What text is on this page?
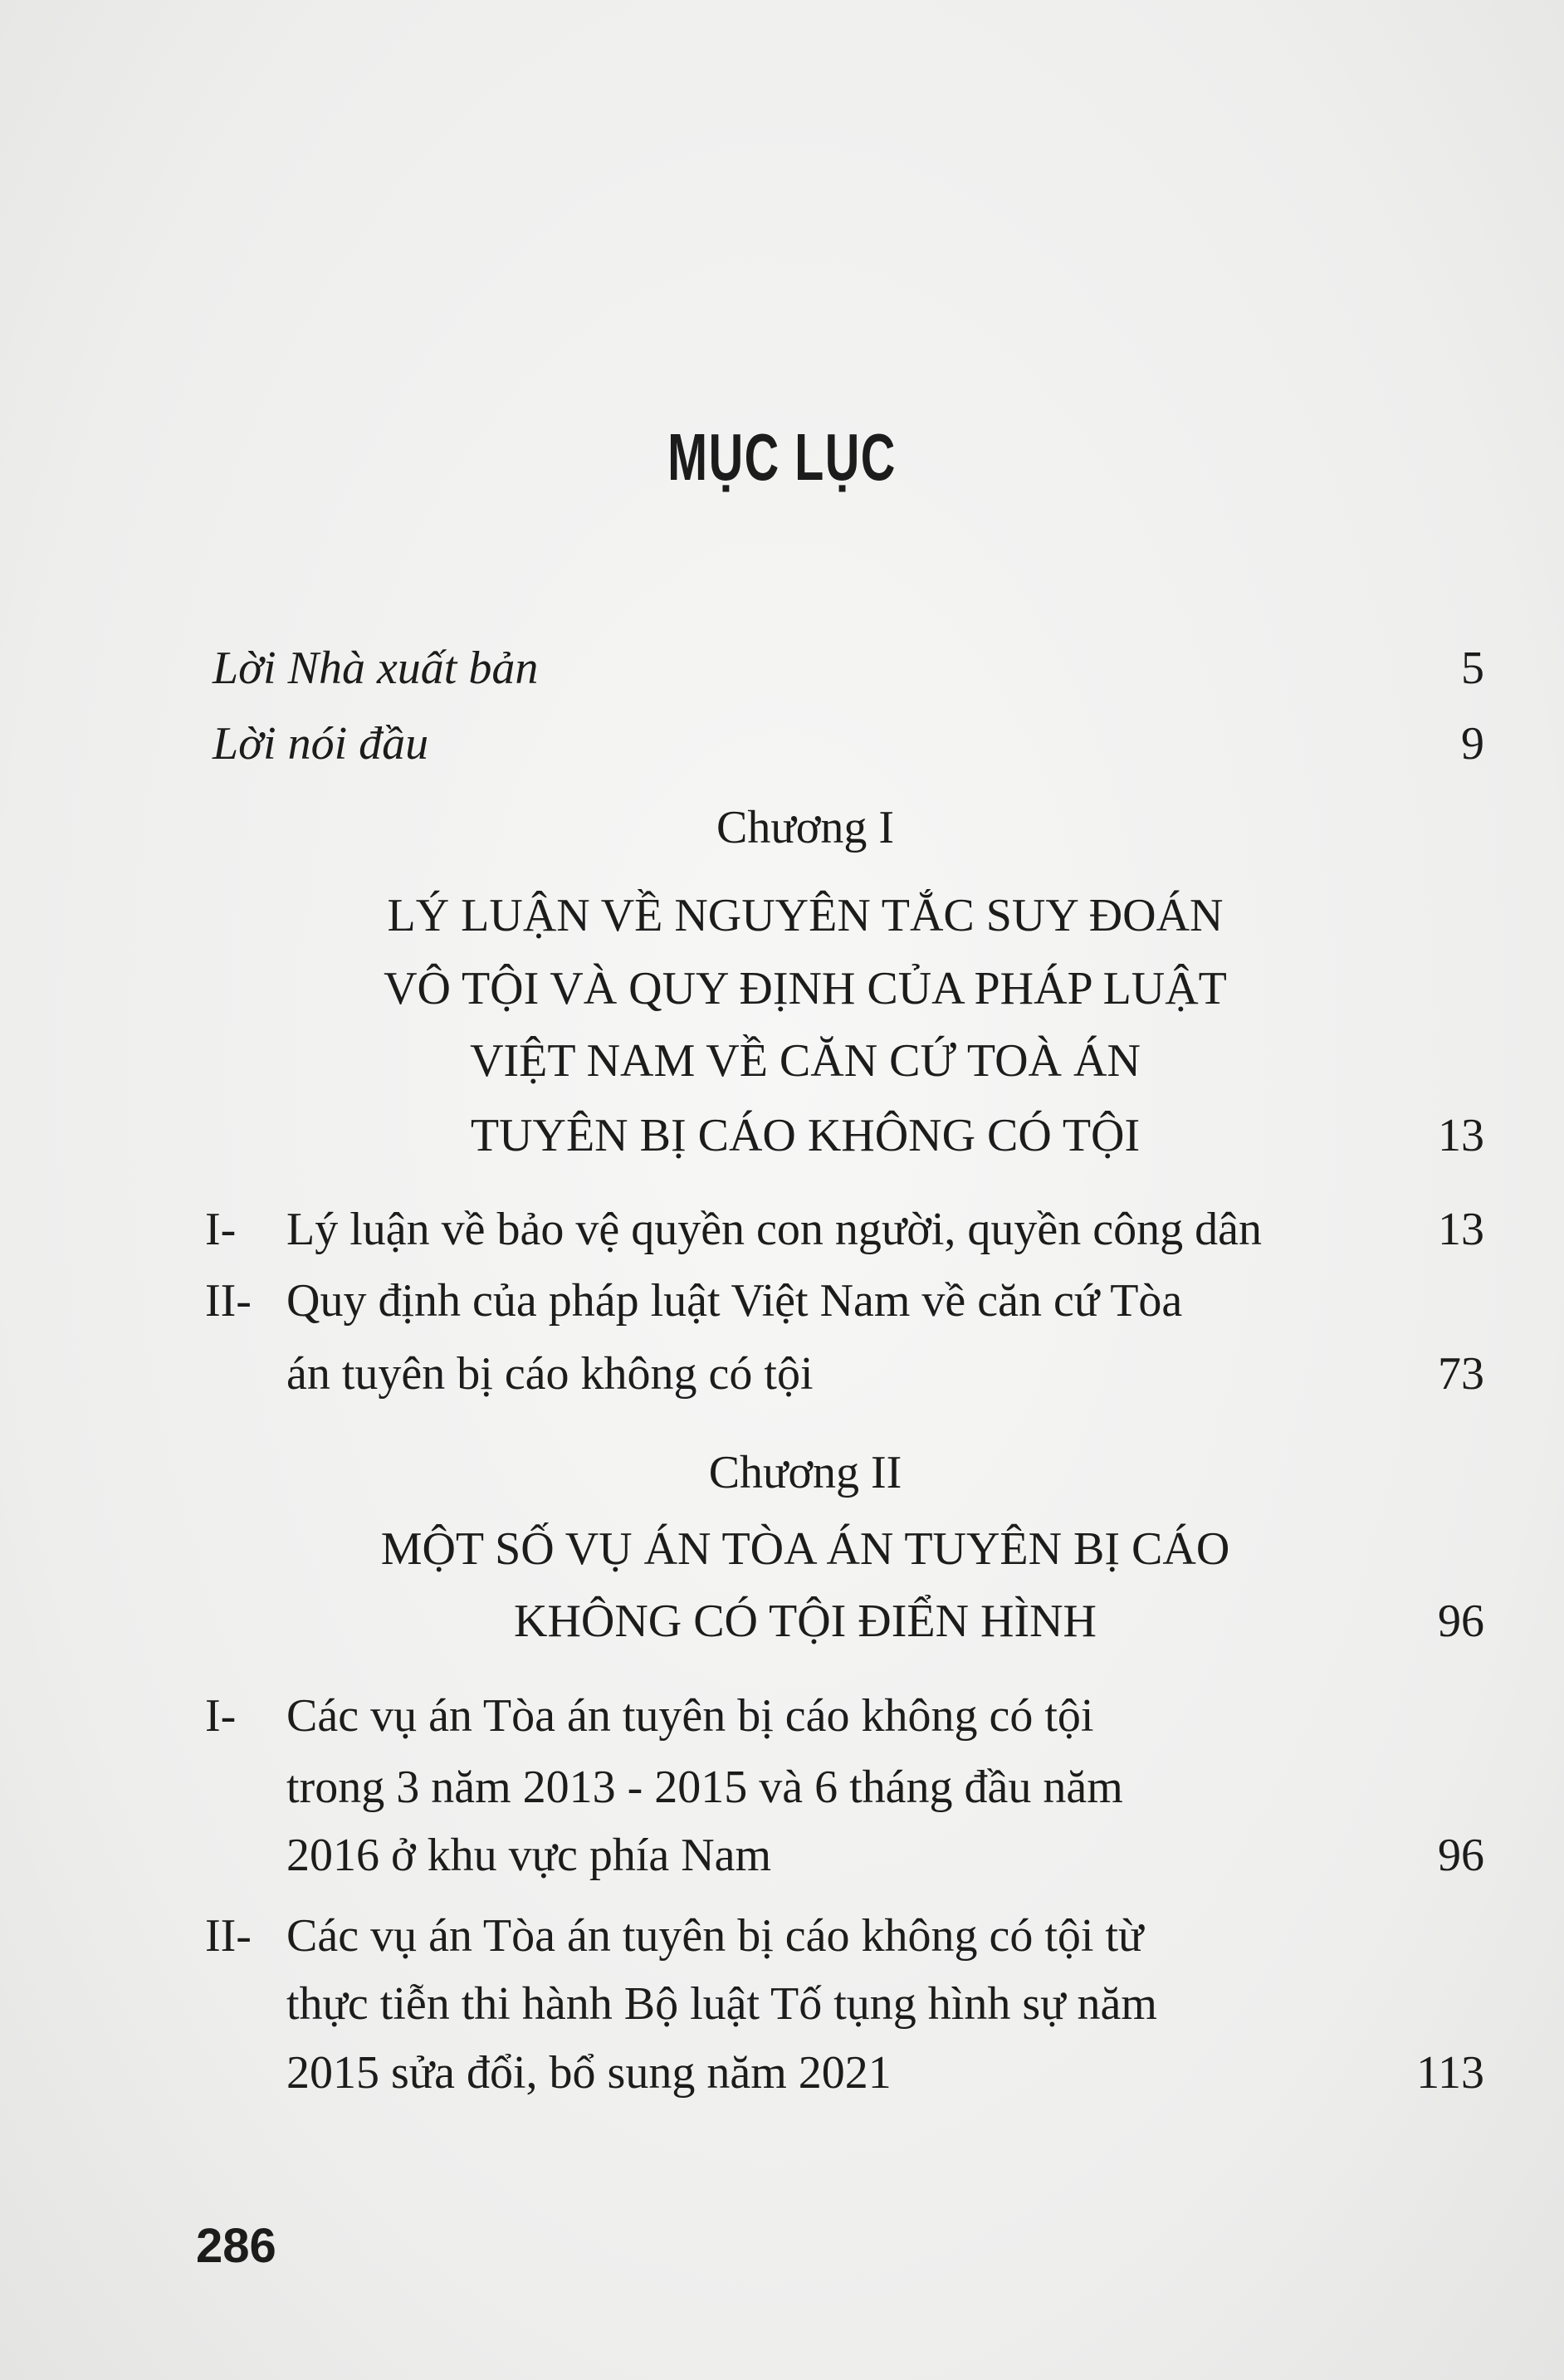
MỤC LỤC
Lời Nhà xuất bản	5
Lời nói đầu	9
Chương I
LÝ LUẬN VỀ NGUYÊN TẮC SUY ĐOÁN
VÔ TỘI VÀ QUY ĐỊNH CỦA PHÁP LUẬT
VIỆT NAM VỀ CĂN CỨ TOÀ ÁN
TUYÊN BỊ CÁO KHÔNG CÓ TỘI	13
I- Lý luận về bảo vệ quyền con người, quyền công dân	13
II- Quy định của pháp luật Việt Nam về căn cứ Tòa
án tuyên bị cáo không có tội	73
Chương II
MỘT SỐ VỤ ÁN TÒA ÁN TUYÊN BỊ CÁO
KHÔNG CÓ TỘI ĐIỂN HÌNH	96
I- Các vụ án Tòa án tuyên bị cáo không có tội
trong 3 năm 2013 - 2015 và 6 tháng đầu năm
2016 ở khu vực phía Nam	96
II- Các vụ án Tòa án tuyên bị cáo không có tội từ
thực tiễn thi hành Bộ luật Tố tụng hình sự năm
2015 sửa đổi, bổ sung năm 2021	113
286
